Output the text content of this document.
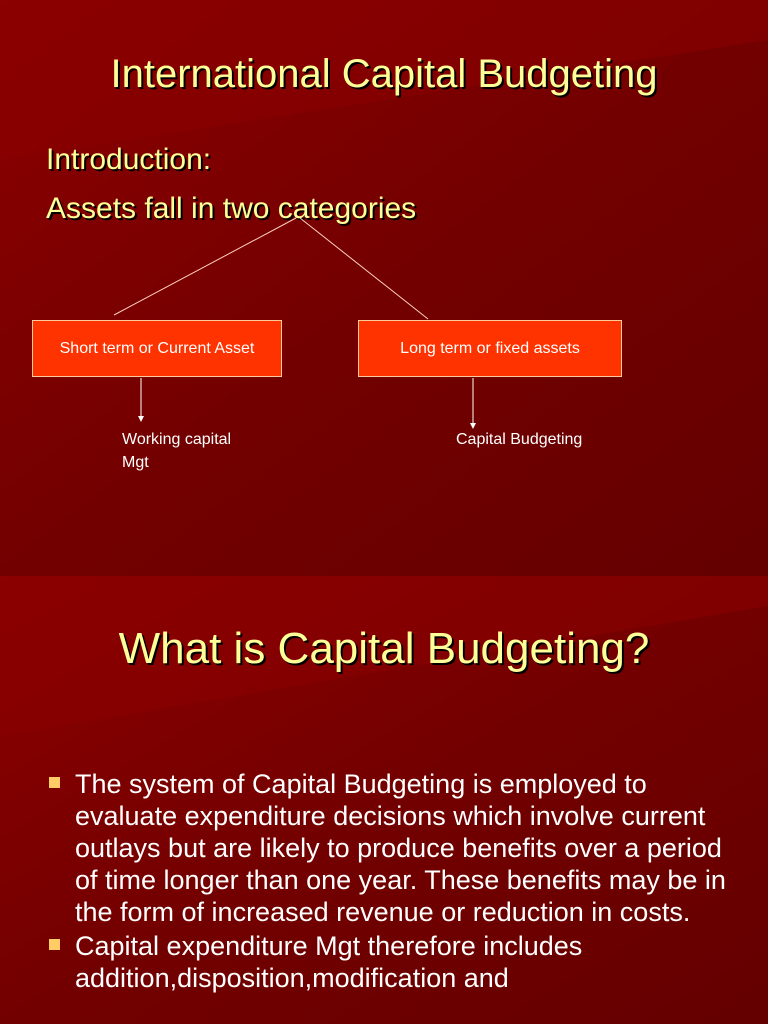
International Capital Budgeting
Introduction:
Assets fall in two categories
Short term or Current Asset	Long term or fixed assets
Working capital Mgt
Capital Budgeting
What is Capital Budgeting?
The system of Capital Budgeting is employed to evaluate expenditure decisions which involve current outlays but are likely to produce benefits over a period of time longer than one year. These benefits may be in the form of increased revenue or reduction in costs.
Capital expenditure Mgt therefore includes addition,disposition,modification and
